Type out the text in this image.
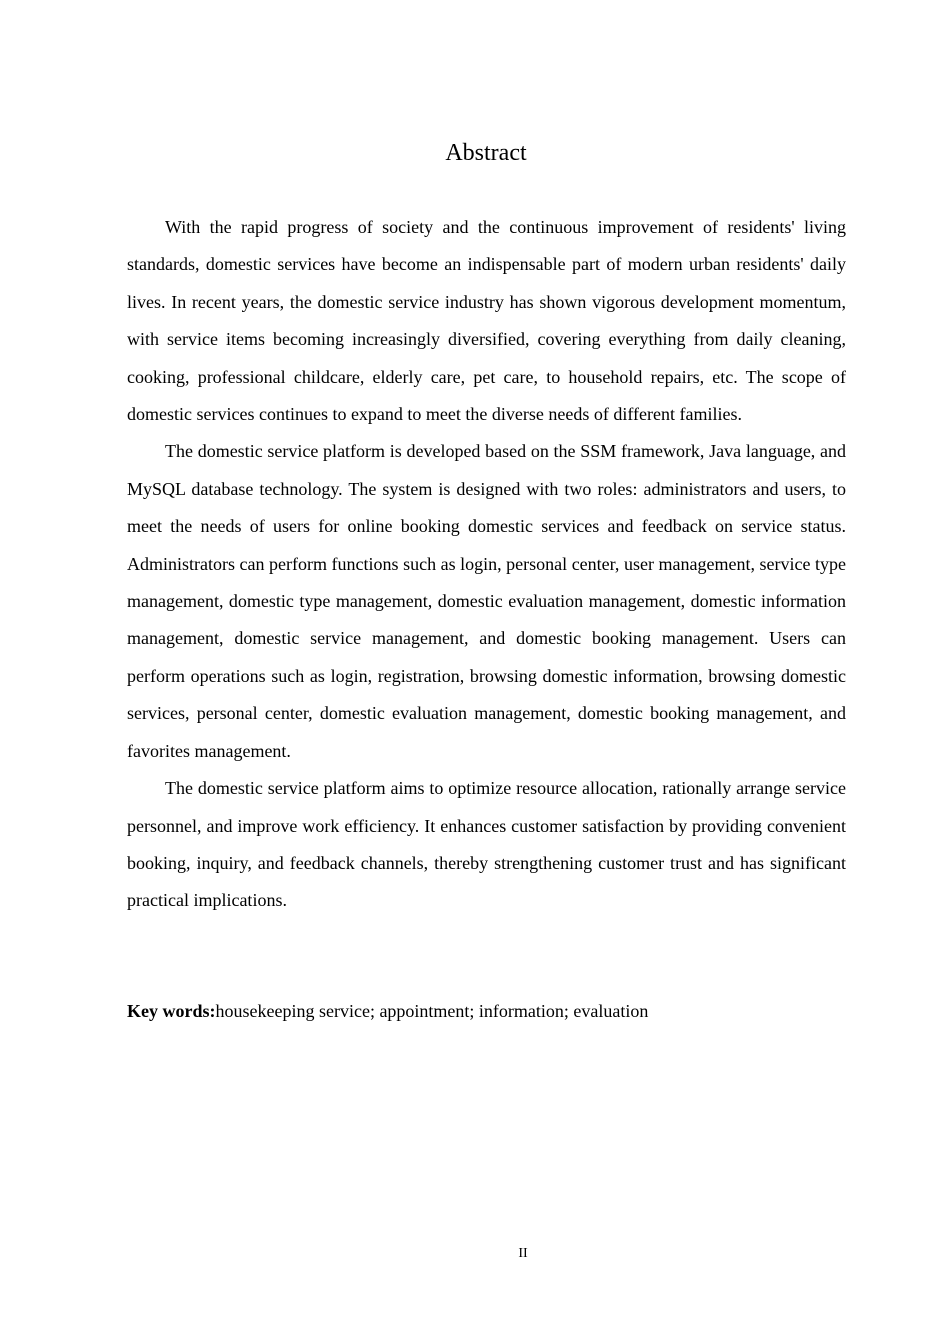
Abstract

With the rapid progress of society and the continuous improvement of residents' living standards, domestic services have become an indispensable part of modern urban residents' daily lives. In recent years, the domestic service industry has shown vigorous development momentum, with service items becoming increasingly diversified, covering everything from daily cleaning, cooking, professional childcare, elderly care, pet care, to household repairs, etc. The scope of domestic services continues to expand to meet the diverse needs of different families.

The domestic service platform is developed based on the SSM framework, Java language, and MySQL database technology. The system is designed with two roles: administrators and users, to meet the needs of users for online booking domestic services and feedback on service status. Administrators can perform functions such as login, personal center, user management, service type management, domestic type management, domestic evaluation management, domestic information management, domestic service management, and domestic booking management. Users can perform operations such as login, registration, browsing domestic information, browsing domestic services, personal center, domestic evaluation management, domestic booking management, and favorites management.

The domestic service platform aims to optimize resource allocation, rationally arrange service personnel, and improve work efficiency. It enhances customer satisfaction by providing convenient booking, inquiry, and feedback channels, thereby strengthening customer trust and has significant practical implications.

Key words:housekeeping service; appointment; information; evaluation

II
